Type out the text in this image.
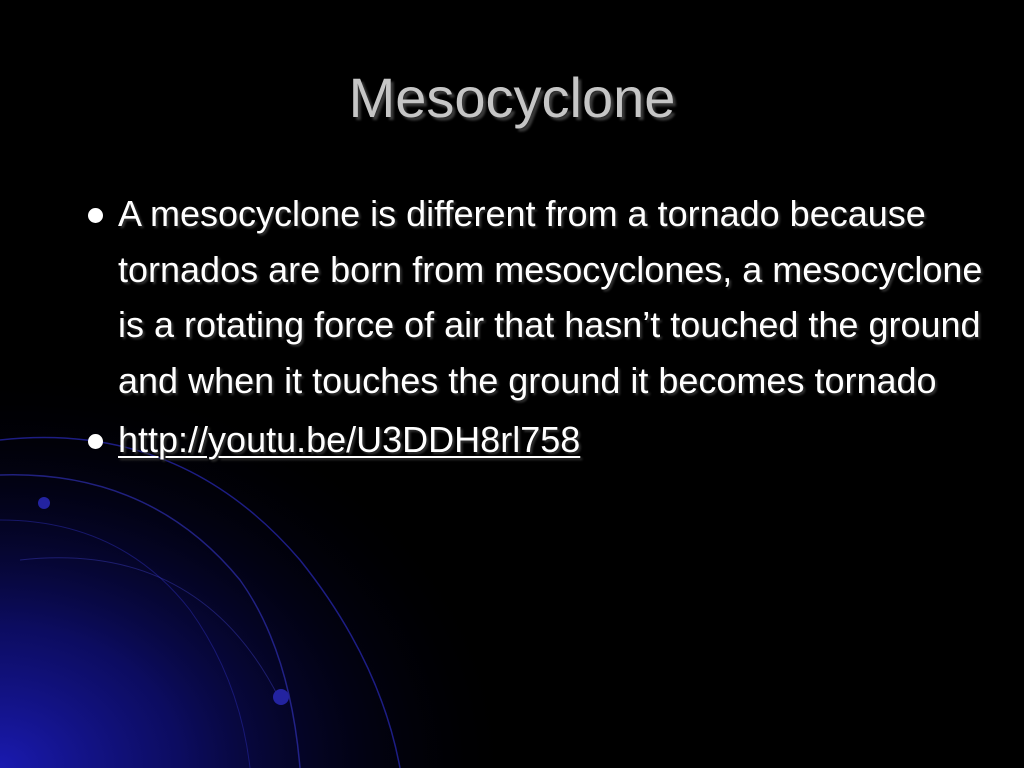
Mesocyclone
A mesocyclone is different from a tornado because tornados are born from mesocyclones, a mesocyclone is a rotating force of air that hasn’t touched the ground and when it touches the ground it becomes tornado
http://youtu.be/U3DDH8rl758
